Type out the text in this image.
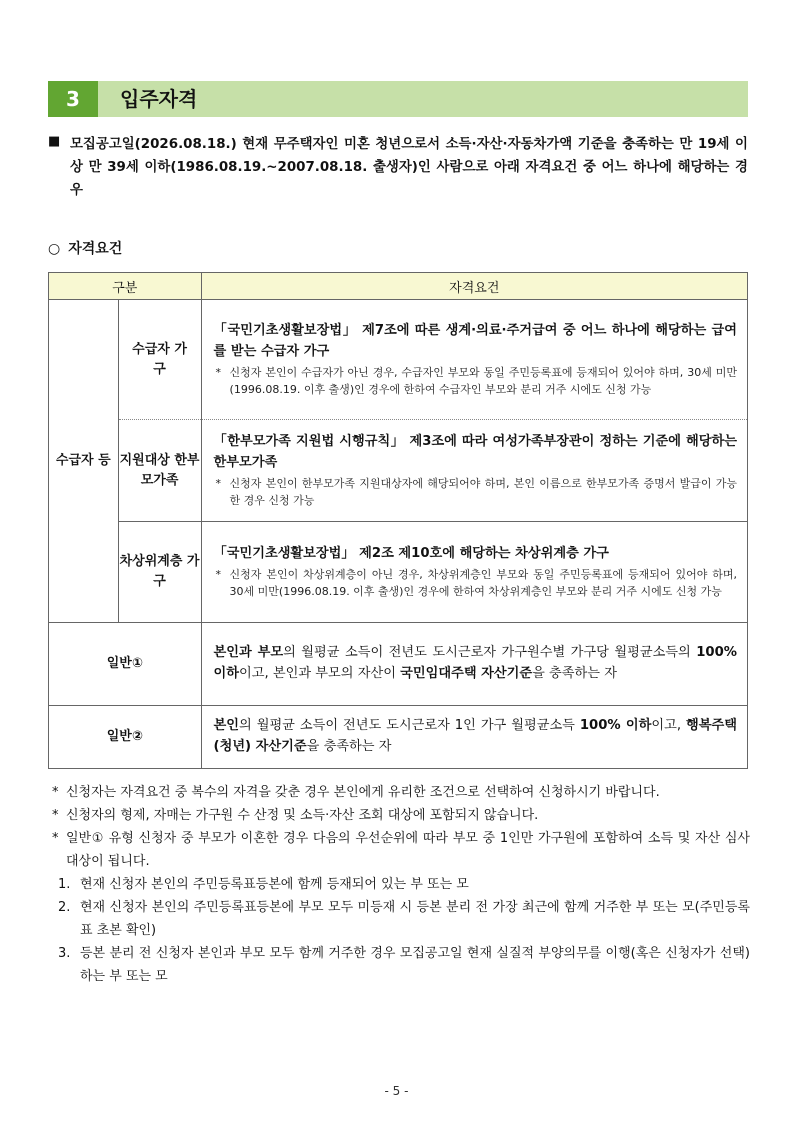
3	입주자격
■ 모집공고일(2026.08.18.) 현재 무주택자인 미혼 청년으로서 소득·자산·자동차가액 기준을 충족하는 만 19세 이상 만 39세 이하(1986.08.19.~2007.08.18. 출생자)인 사람으로 아래 자격요건 중 어느 하나에 해당하는 경우
○ 자격요건
구분		자격요건
수급자 등	수급자 가구	「국민기초생활보장법」 제7조에 따른 생계·의료·주거급여 중 어느 하나에 해당하는 급여를 받는 수급자 가구
* 신청자 본인이 수급자가 아닌 경우, 수급자인 부모와 동일 주민등록표에 등재되어 있어야 하며, 30세 미만(1996.08.19. 이후 출생)인 경우에 한하여 수급자인 부모와 분리 거주 시에도 신청 가능

	지원대상 한부모가족	「한부모가족 지원법 시행규칙」 제3조에 따라 여성가족부장관이 정하는 기준에 해당하는 한부모가족
* 신청자 본인이 한부모가족 지원대상자에 해당되어야 하며, 본인 이름으로 한부모가족 증명서 발급이 가능한 경우 신청 가능

	차상위계층 가구	「국민기초생활보장법」 제2조 제10호에 해당하는 차상위계층 가구
* 신청자 본인이 차상위계층이 아닌 경우, 차상위계층인 부모와 동일 주민등록표에 등재되어 있어야 하며, 30세 미만(1996.08.19. 이후 출생)인 경우에 한하여 차상위계층인 부모와 분리 거주 시에도 신청 가능

일반①		본인과 부모의 월평균 소득이 전년도 도시근로자 가구원수별 가구당 월평균소득의 100% 이하이고, 본인과 부모의 자산이 국민임대주택 자산기준을 충족하는 자

일반②		본인의 월평균 소득이 전년도 도시근로자 1인 가구 월평균소득 100% 이하이고, 행복주택(청년) 자산기준을 충족하는 자
* 신청자는 자격요건 중 복수의 자격을 갖춘 경우 본인에게 유리한 조건으로 선택하여 신청하시기 바랍니다.
* 신청자의 형제, 자매는 가구원 수 산정 및 소득·자산 조회 대상에 포함되지 않습니다.
* 일반① 유형 신청자 중 부모가 이혼한 경우 다음의 우선순위에 따라 부모 중 1인만 가구원에 포함하여 소득 및 자산 심사 대상이 됩니다.
1. 현재 신청자 본인의 주민등록표등본에 함께 등재되어 있는 부 또는 모
2. 현재 신청자 본인의 주민등록표등본에 부모 모두 미등재 시 등본 분리 전 가장 최근에 함께 거주한 부 또는 모(주민등록표 초본 확인)
3. 등본 분리 전 신청자 본인과 부모 모두 함께 거주한 경우 모집공고일 현재 실질적 부양의무를 이행(혹은 신청자가 선택)하는 부 또는 모
- 5 -
